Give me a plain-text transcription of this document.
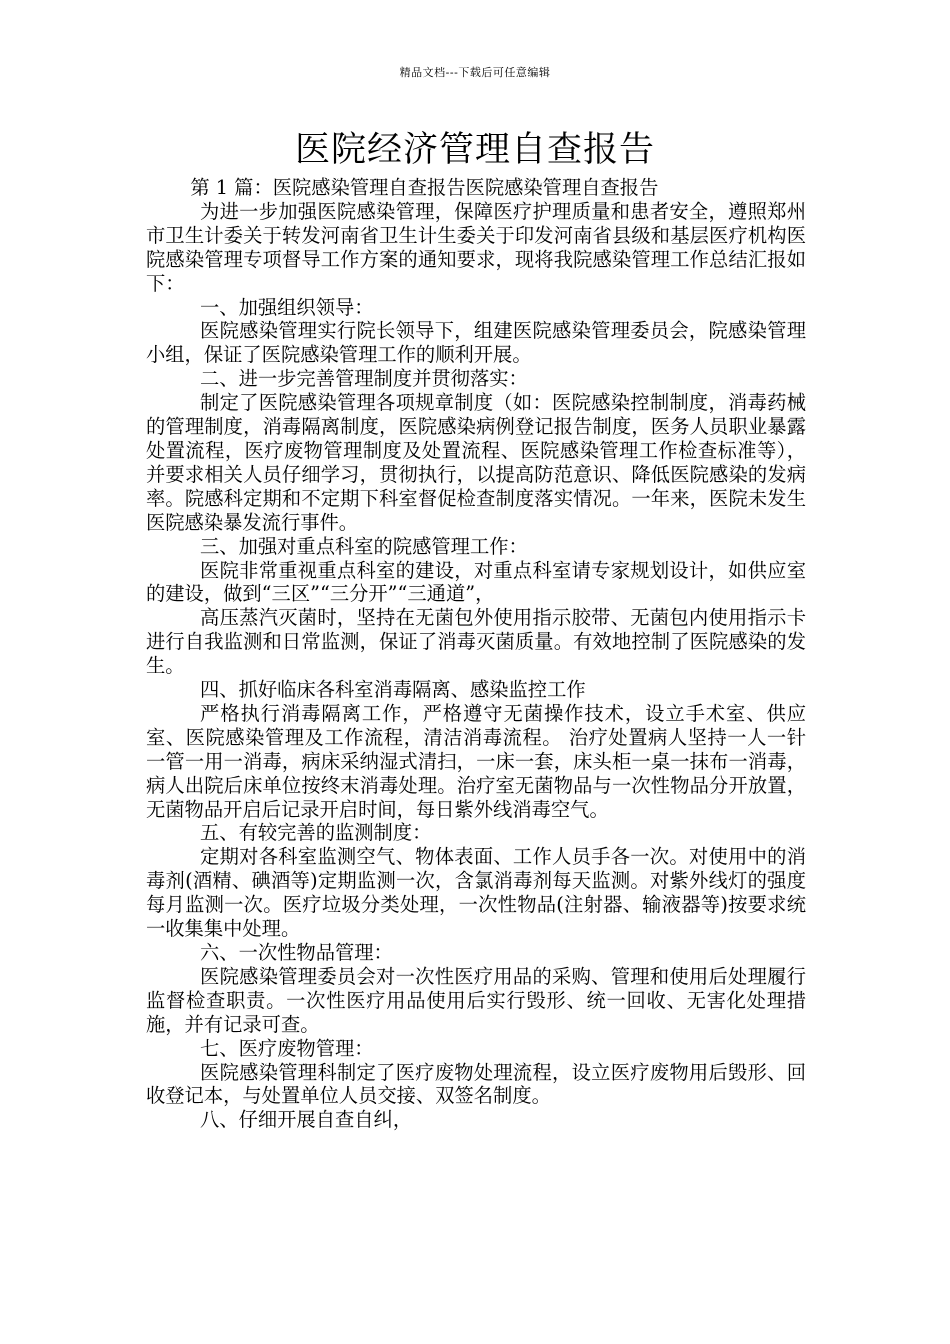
精品文档---下载后可任意编辑
医院经济管理自查报告

第 1 篇：医院感染管理自查报告医院感染管理自查报告

为进一步加强医院感染管理，保障医疗护理质量和患者安全，遵照郑州市卫生计委关于转发河南省卫生计生委关于印发河南省县级和基层医疗机构医院感染管理专项督导工作方案的通知要求，现将我院感染管理工作总结汇报如下：

一、加强组织领导：

医院感染管理实行院长领导下，组建医院感染管理委员会，院感染管理小组，保证了医院感染管理工作的顺利开展。

二、进一步完善管理制度并贯彻落实：

制定了医院感染管理各项规章制度（如：医院感染控制制度，消毒药械的管理制度，消毒隔离制度，医院感染病例登记报告制度，医务人员职业暴露处置流程，医疗废物管理制度及处置流程、医院感染管理工作检查标准等），并要求相关人员仔细学习，贯彻执行，以提高防范意识、降低医院感染的发病率。院感科定期和不定期下科室督促检查制度落实情况。一年来，医院未发生医院感染暴发流行事件。

三、加强对重点科室的院感管理工作：

医院非常重视重点科室的建设，对重点科室请专家规划设计，如供应室的建设，做到“三区”“三分开”“三通道”，

高压蒸汽灭菌时，坚持在无菌包外使用指示胶带、无菌包内使用指示卡进行自我监测和日常监测，保证了消毒灭菌质量。有效地控制了医院感染的发生。

四、抓好临床各科室消毒隔离、感染监控工作

严格执行消毒隔离工作，严格遵守无菌操作技术，设立手术室、供应室、医院感染管理及工作流程，清洁消毒流程。 治疗处置病人坚持一人一针一管一用一消毒，病床采纳湿式清扫，一床一套，床头柜一桌一抹布一消毒，病人出院后床单位按终末消毒处理。治疗室无菌物品与一次性物品分开放置，无菌物品开启后记录开启时间，每日紫外线消毒空气。

五、有较完善的监测制度：

定期对各科室监测空气、物体表面、工作人员手各一次。对使用中的消毒剂(酒精、碘酒等)定期监测一次，含氯消毒剂每天监测。对紫外线灯的强度每月监测一次。医疗垃圾分类处理，一次性物品(注射器、输液器等)按要求统一收集集中处理。

六、一次性物品管理：

医院感染管理委员会对一次性医疗用品的采购、管理和使用后处理履行监督检查职责。一次性医疗用品使用后实行毁形、统一回收、无害化处理措施，并有记录可查。

七、医疗废物管理：

医院感染管理科制定了医疗废物处理流程，设立医疗废物用后毁形、回收登记本，与处置单位人员交接、双签名制度。

八、仔细开展自查自纠，
